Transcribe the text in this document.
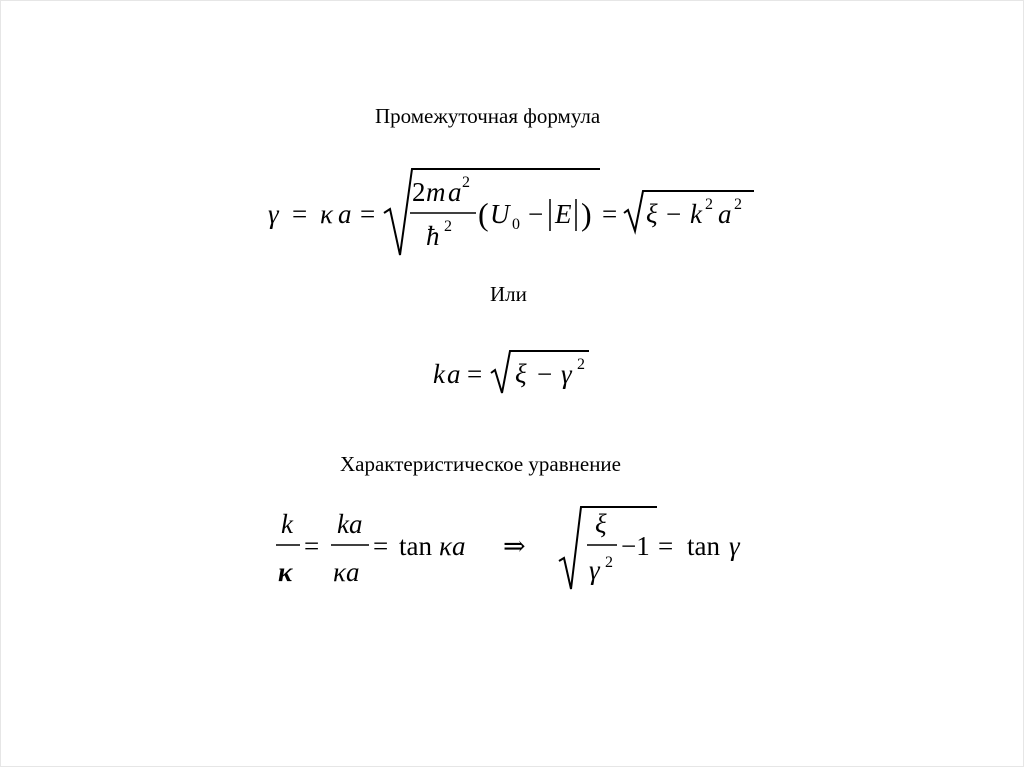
Промежуточная формула
γ = κ a =
2 m a 2
ħ 2 ( U 0 − E ) = ξ − k 2 a 2
Или
k a = ξ − γ 2
Характеристическое уравнение
k
κ
=
ka
κa
= tan κa ⇒
ξ
γ 2
−1 = tan γ
